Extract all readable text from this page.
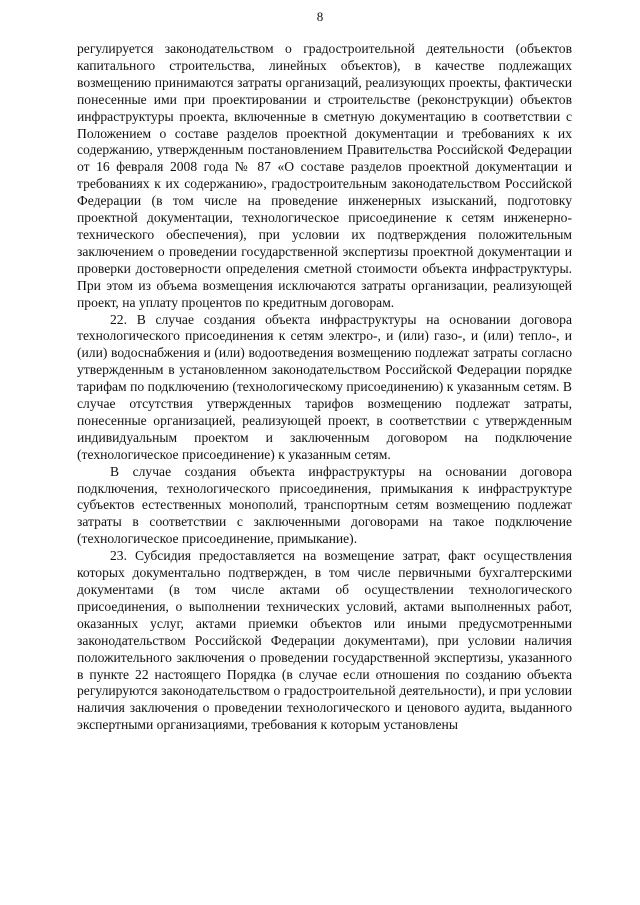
8

регулируется законодательством о градостроительной деятельности (объектов капитального строительства, линейных объектов), в качестве подлежащих возмещению принимаются затраты организаций, реализующих проекты, фактически понесенные ими при проектировании и строительстве (реконструкции) объектов инфраструктуры проекта, включенные в сметную документацию в соответствии с Положением о составе разделов проектной документации и требованиях к их содержанию, утвержденным постановлением Правительства Российской Федерации от 16 февраля 2008 года № 87 «О составе разделов проектной документации и требованиях к их содержанию», градостроительным законодательством Российской Федерации (в том числе на проведение инженерных изысканий, подготовку проектной документации, технологическое присоединение к сетям инженерно-технического обеспечения), при условии их подтверждения положительным заключением о проведении государственной экспертизы проектной документации и проверки достоверности определения сметной стоимости объекта инфраструктуры. При этом из объема возмещения исключаются затраты организации, реализующей проект, на уплату процентов по кредитным договорам.

22. В случае создания объекта инфраструктуры на основании договора технологического присоединения к сетям электро-, и (или) газо-, и (или) тепло-, и (или) водоснабжения и (или) водоотведения возмещению подлежат затраты согласно утвержденным в установленном законодательством Российской Федерации порядке тарифам по подключению (технологическому присоединению) к указанным сетям. В случае отсутствия утвержденных тарифов возмещению подлежат затраты, понесенные организацией, реализующей проект, в соответствии с утвержденным индивидуальным проектом и заключенным договором на подключение (технологическое присоединение) к указанным сетям.

В случае создания объекта инфраструктуры на основании договора подключения, технологического присоединения, примыкания к инфраструктуре субъектов естественных монополий, транспортным сетям возмещению подлежат затраты в соответствии с заключенными договорами на такое подключение (технологическое присоединение, примыкание).

23. Субсидия предоставляется на возмещение затрат, факт осуществления которых документально подтвержден, в том числе первичными бухгалтерскими документами (в том числе актами об осуществлении технологического присоединения, о выполнении технических условий, актами выполненных работ, оказанных услуг, актами приемки объектов или иными предусмотренными законодательством Российской Федерации документами), при условии наличия положительного заключения о проведении государственной экспертизы, указанного в пункте 22 настоящего Порядка (в случае если отношения по созданию объекта регулируются законодательством о градостроительной деятельности), и при условии наличия заключения о проведении технологического и ценового аудита, выданного экспертными организациями, требования к которым установлены
